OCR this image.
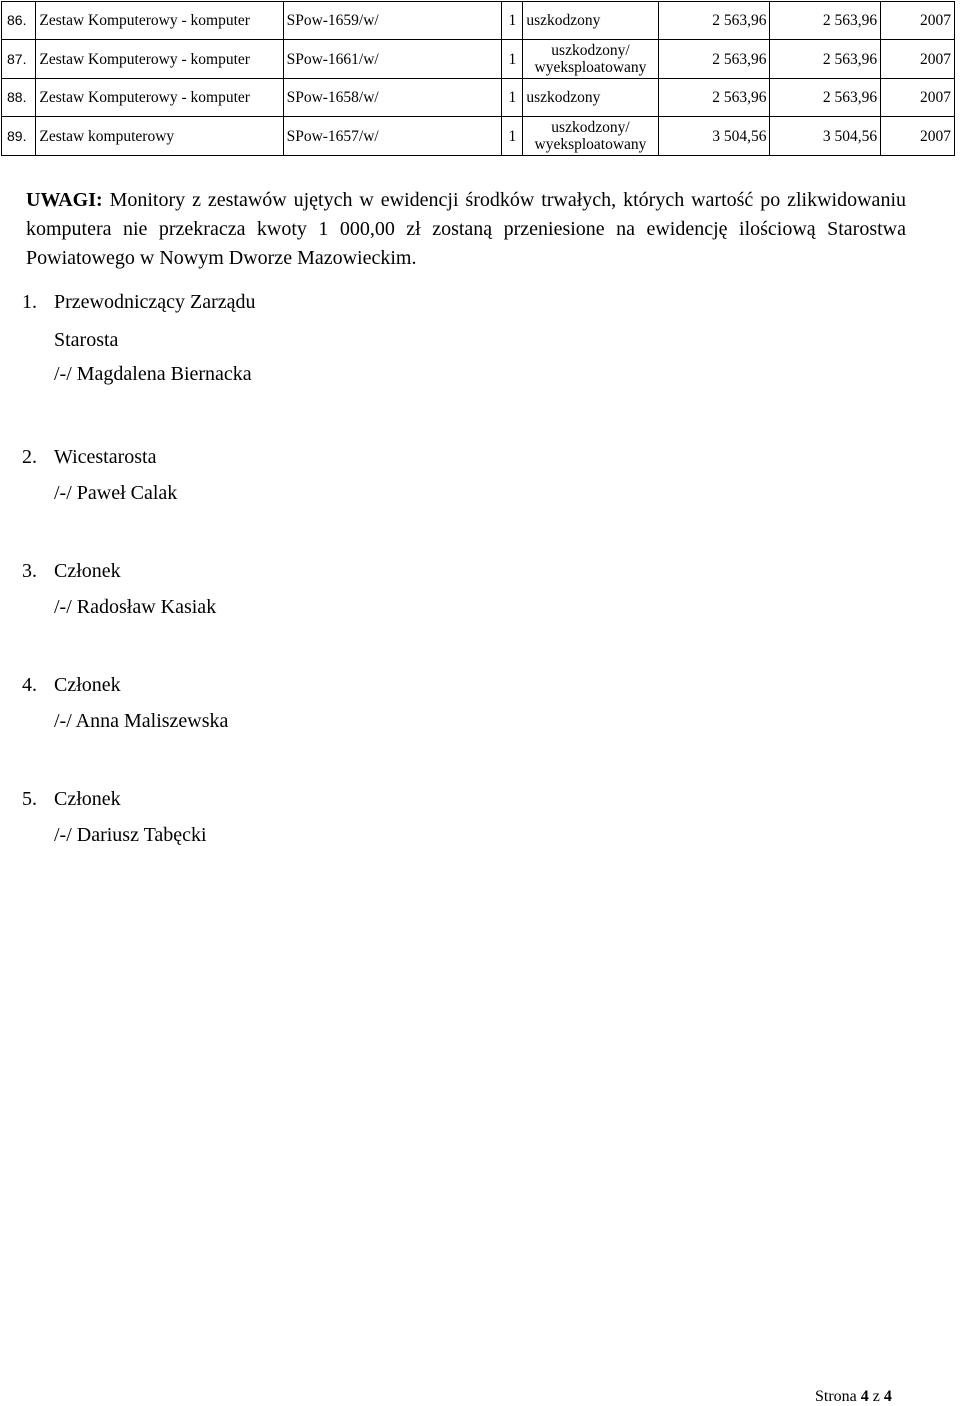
86.	Zestaw Komputerowy - komputer	SPow-1659/w/	1	uszkodzony	2 563,96	2 563,96	2007
87.	Zestaw Komputerowy - komputer	SPow-1661/w/	1	uszkodzony/ wyeksploatowany	2 563,96	2 563,96	2007
88.	Zestaw Komputerowy - komputer	SPow-1658/w/	1	uszkodzony	2 563,96	2 563,96	2007
89.	Zestaw komputerowy	SPow-1657/w/	1	uszkodzony/ wyeksploatowany	3 504,56	3 504,56	2007

UWAGI: Monitory z zestawów ujętych w ewidencji środków trwałych, których wartość po zlikwidowaniu komputera nie przekracza kwoty 1 000,00 zł zostaną przeniesione na ewidencję ilościową Starostwa Powiatowego w Nowym Dworze Mazowieckim.

1. Przewodniczący Zarządu
Starosta
/-/ Magdalena Biernacka
2. Wicestarosta
/-/ Paweł Calak
3. Członek
/-/ Radosław Kasiak
4. Członek
/-/ Anna Maliszewska
5. Członek
/-/ Dariusz Tabęcki
Strona 4 z 4
